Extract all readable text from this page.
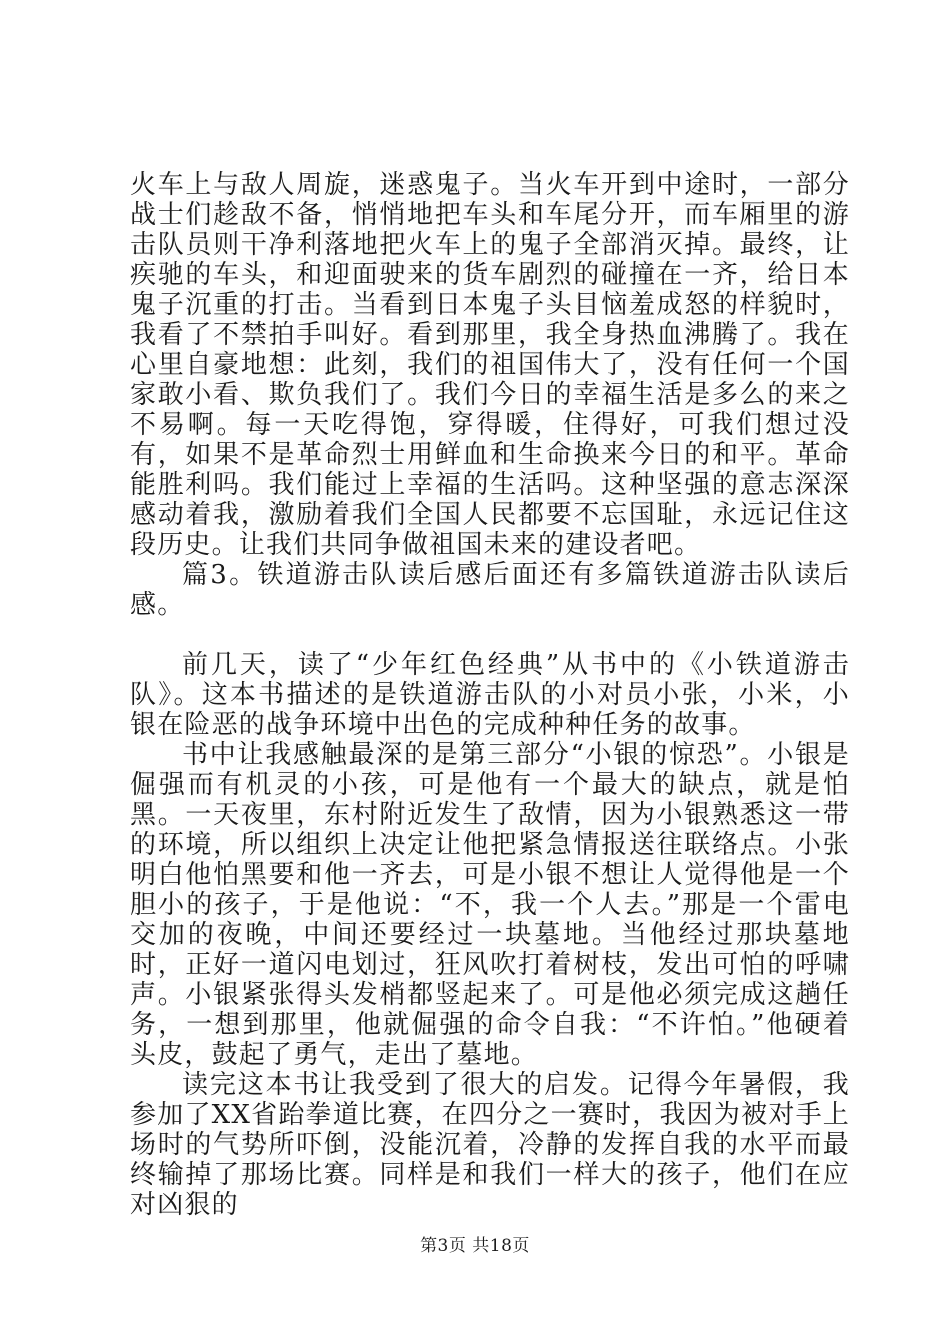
火车上与敌人周旋，迷惑鬼子。当火车开到中途时，一部分战士们趁敌不备，悄悄地把车头和车尾分开，而车厢里的游击队员则干净利落地把火车上的鬼子全部消灭掉。最终，让疾驰的车头，和迎面驶来的货车剧烈的碰撞在一齐，给日本鬼子沉重的打击。当看到日本鬼子头目恼羞成怒的样貌时，我看了不禁拍手叫好。看到那里，我全身热血沸腾了。我在心里自豪地想：此刻，我们的祖国伟大了，没有任何一个国家敢小看、欺负我们了。我们今日的幸福生活是多么的来之不易啊。每一天吃得饱，穿得暖，住得好，可我们想过没有，如果不是革命烈士用鲜血和生命换来今日的和平。革命能胜利吗。我们能过上幸福的生活吗。这种坚强的意志深深感动着我，激励着我们全国人民都要不忘国耻，永远记住这段历史。让我们共同争做祖国未来的建设者吧。

篇3。铁道游击队读后感后面还有多篇铁道游击队读后感。

前几天，读了“少年红色经典”从书中的《小铁道游击队》。这本书描述的是铁道游击队的小对员小张，小米，小银在险恶的战争环境中出色的完成种种任务的故事。

书中让我感触最深的是第三部分“小银的惊恐”。小银是倔强而有机灵的小孩，可是他有一个最大的缺点，就是怕黑。一天夜里，东村附近发生了敌情，因为小银熟悉这一带的环境，所以组织上决定让他把紧急情报送往联络点。小张明白他怕黑要和他一齐去，可是小银不想让人觉得他是一个胆小的孩子，于是他说：“不，我一个人去。”那是一个雷电交加的夜晚，中间还要经过一块墓地。当他经过那块墓地时，正好一道闪电划过，狂风吹打着树枝，发出可怕的呼啸声。小银紧张得头发梢都竖起来了。可是他必须完成这趟任务，一想到那里，他就倔强的命令自我：“不许怕。”他硬着头皮，鼓起了勇气，走出了墓地。

读完这本书让我受到了很大的启发。记得今年暑假，我参加了XX省跆拳道比赛，在四分之一赛时，我因为被对手上场时的气势所吓倒，没能沉着，冷静的发挥自我的水平而最终输掉了那场比赛。同样是和我们一样大的孩子，他们在应对凶狠的

第3页 共18页
